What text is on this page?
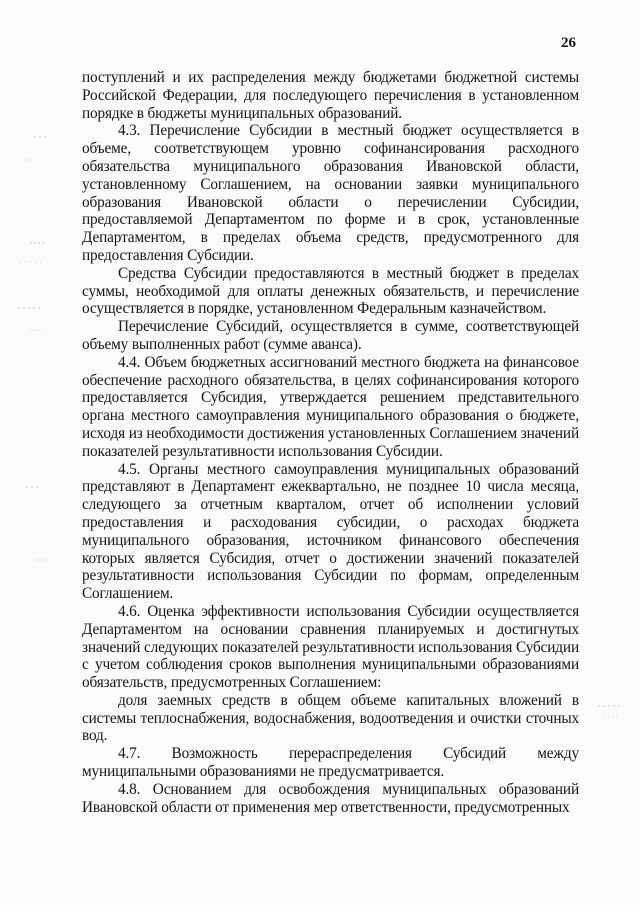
26

поступлений и их распределения между бюджетами бюджетной системы Российской Федерации, для последующего перечисления в установленном порядке в бюджеты муниципальных образований.

4.3. Перечисление Субсидии в местный бюджет осуществляется в объеме, соответствующем уровню софинансирования расходного обязательства муниципального образования Ивановской области, установленному Соглашением, на основании заявки муниципального образования Ивановской области о перечислении Субсидии, предоставляемой Департаментом по форме и в срок, установленные Департаментом, в пределах объема средств, предусмотренного для предоставления Субсидии.

Средства Субсидии предоставляются в местный бюджет в пределах суммы, необходимой для оплаты денежных обязательств, и перечисление осуществляется в порядке, установленном Федеральным казначейством.

Перечисление Субсидий, осуществляется в сумме, соответствующей объему выполненных работ (сумме аванса).

4.4. Объем бюджетных ассигнований местного бюджета на финансовое обеспечение расходного обязательства, в целях софинансирования которого предоставляется Субсидия, утверждается решением представительного органа местного самоуправления муниципального образования о бюджете, исходя из необходимости достижения установленных Соглашением значений показателей результативности использования Субсидии.

4.5. Органы местного самоуправления муниципальных образований представляют в Департамент ежеквартально, не позднее 10 числа месяца, следующего за отчетным кварталом, отчет об исполнении условий предоставления и расходования субсидии, о расходах бюджета муниципального образования, источником финансового обеспечения которых является Субсидия, отчет о достижении значений показателей результативности использования Субсидии по формам, определенным Соглашением.

4.6. Оценка эффективности использования Субсидии осуществляется Департаментом на основании сравнения планируемых и достигнутых значений следующих показателей результативности использования Субсидии с учетом соблюдения сроков выполнения муниципальными образованиями обязательств, предусмотренных Соглашением:

доля заемных средств в общем объеме капитальных вложений в системы теплоснабжения, водоснабжения, водоотведения и очистки сточных вод.

4.7. Возможность перераспределения Субсидий между муниципальными образованиями не предусматривается.

4.8. Основанием для освобождения муниципальных образований Ивановской области от применения мер ответственности, предусмотренных
